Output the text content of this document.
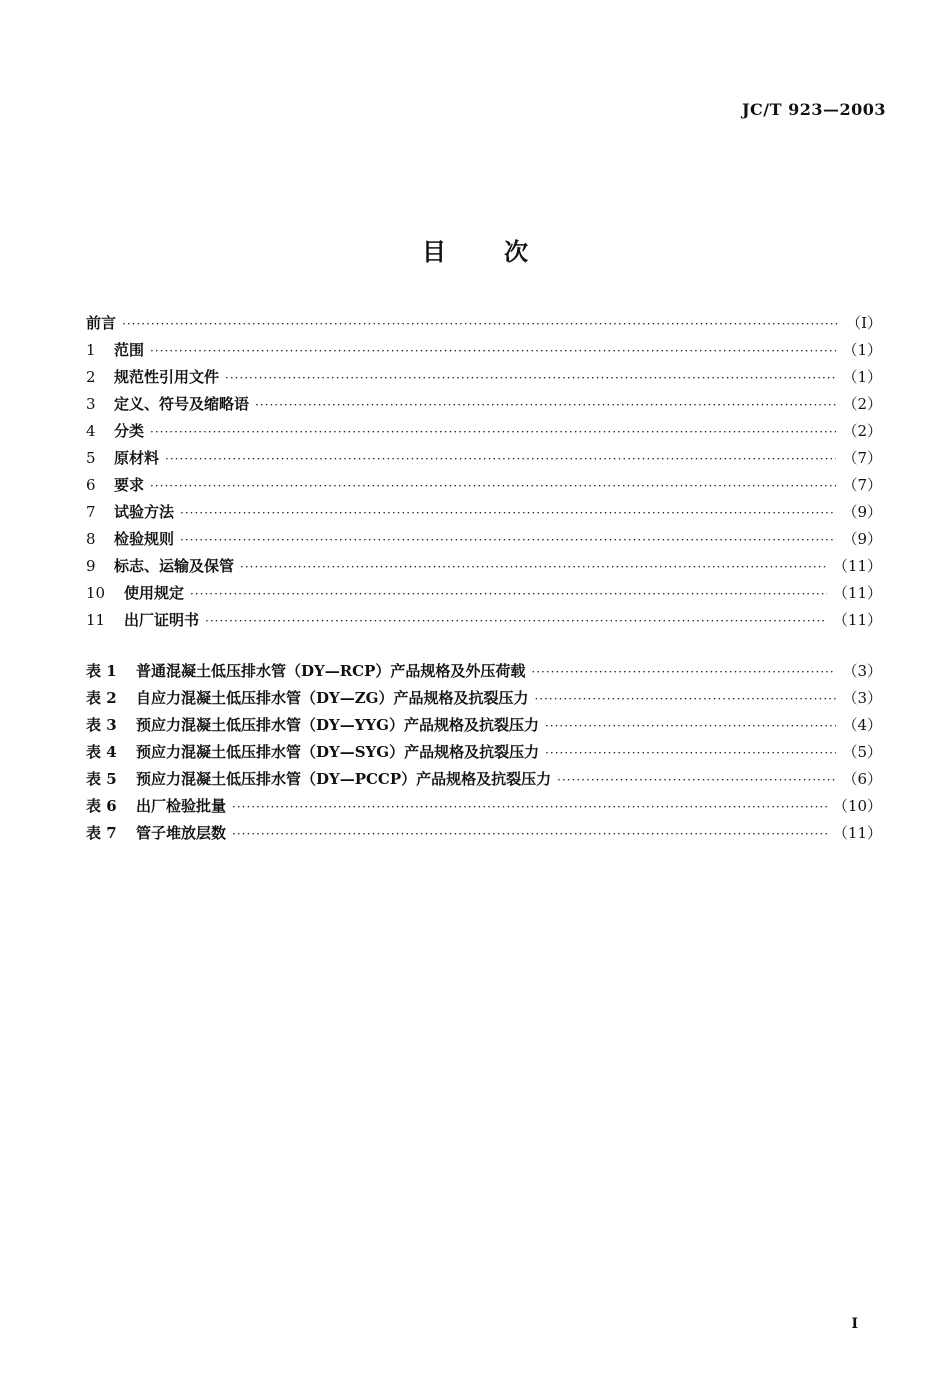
JC/T 923—2003
目 次
前言 ·····	（Ⅰ）
1	范围 ·····	（1）
2	规范性引用文件 ·····	（1）
3	定义、符号及缩略语 ·····	（2）
4	分类 ·····	（2）
5	原材料 ·····	（7）
6	要求 ·····	（7）
7	试验方法 ·····	（9）
8	检验规则 ·····	（9）
9	标志、运输及保管 ·····	（11）
10	使用规定 ·····	（11）
11	出厂证明书 ·····	（11）
表 1	普通混凝土低压排水管（DY—RCP）产品规格及外压荷载 ·····	（3）
表 2	自应力混凝土低压排水管（DY—ZG）产品规格及抗裂压力 ·····	（3）
表 3	预应力混凝土低压排水管（DY—YYG）产品规格及抗裂压力 ·····	（4）
表 4	预应力混凝土低压排水管（DY—SYG）产品规格及抗裂压力 ·····	（5）
表 5	预应力混凝土低压排水管（DY—PCCP）产品规格及抗裂压力 ·····	（6）
表 6	出厂检验批量 ·····	（10）
表 7	管子堆放层数 ·····	（11）
Ⅰ
